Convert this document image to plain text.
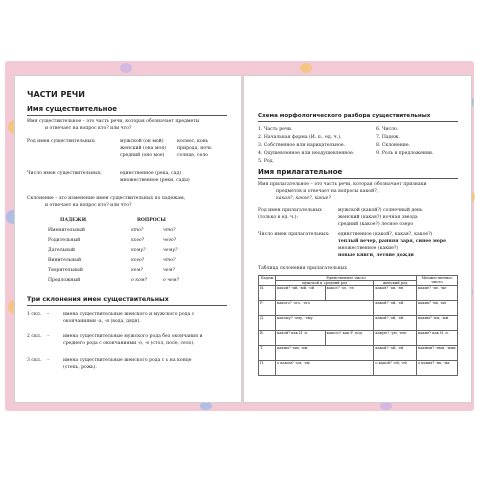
ЧАСТИ РЕЧИ
Имя существительное
Имя существительное – это часть речи, которая обозначает предметы
и отвечает на вопрос кто? или что?
Род имен существительных:	мужской (он мой)	космос, конь
женский (она моя) природа, ночь
средний (оно мое)	солнце, село
Число имен существительных:	единственное (река, сад)
множественное (реки, сады)
Склонение – это изменение имен существительных по падежам,
и отвечает на вопрос кто? или что?
ПАДЕЖИ	ВОПРОСЫ
Именительный	кто?	что?
Родительный	кого?	чего?
Дательный	кому?	чему?
Винительный	кого?	что?
Творительный	кем?	чем?
Предложный	о ком?	о чем?
Три склонения имен существительных
1 скл. –	имена существительные женского и мужского рода с
окончаниями -а, -я (вода, дядя).
2 скл. –	имена существительные мужского рода без окончания и
среднего рода с окончаниями -о, -е (стол, поле, село).
3 скл. –	имена существительные женского рода с ь на конце
(степь, рожь).
Схема морфологического разбора существительных
1. Часть речи.	6. Число.
2. Начальная форма (И. п., ед. ч.).	7. Падеж.
3. Собственное или нарицательное.	8. Склонение.
4. Одушевленное или неодушевленное.	9. Роль в предложении.
5. Род.
Имя прилагательное
Имя прилагательное – это часть речи, которая обозначает признаки
предметов и отвечает на вопросы какой?,
какая?, какое?, какие?
Род имен прилагательных
(только в ед. ч.):
мужской (какой?) солнечный день
женский (какая?) ночная звезда
средний (какое?) лесное озеро
Число имен прилагательных: единственное (какой?, какая?, какое?)
теплый вечер, ранняя заря, синее море
множественное (какие?)
новые книги, летние дожди
Таблица склонения прилагательных
Падеж	Единственное число			Множественное число
	мужской и средний род		женский род	
И.	какой? -ий, -ый, -ой	какое? -ое, -ее	какая? -ая, -яя	какие? -ие, -ые
Р.	какого? -ого, -его		какой? -ой, -ей	каких? -их, -ых
Д.	какому? -ому, -ему		какой? -ой, -ей	каким? -им, -ым
В.	какой? как И. п.	какого? как Р. под.	какую? -ую, -юю	какие? как И. п.
Т.	каким? -ым, -им		какой? -ой, -ей	какими? -ими, -ыми
П.	о каком? -ом, -ем		о какой? -ой, -ей	о каких? -их, -ых
